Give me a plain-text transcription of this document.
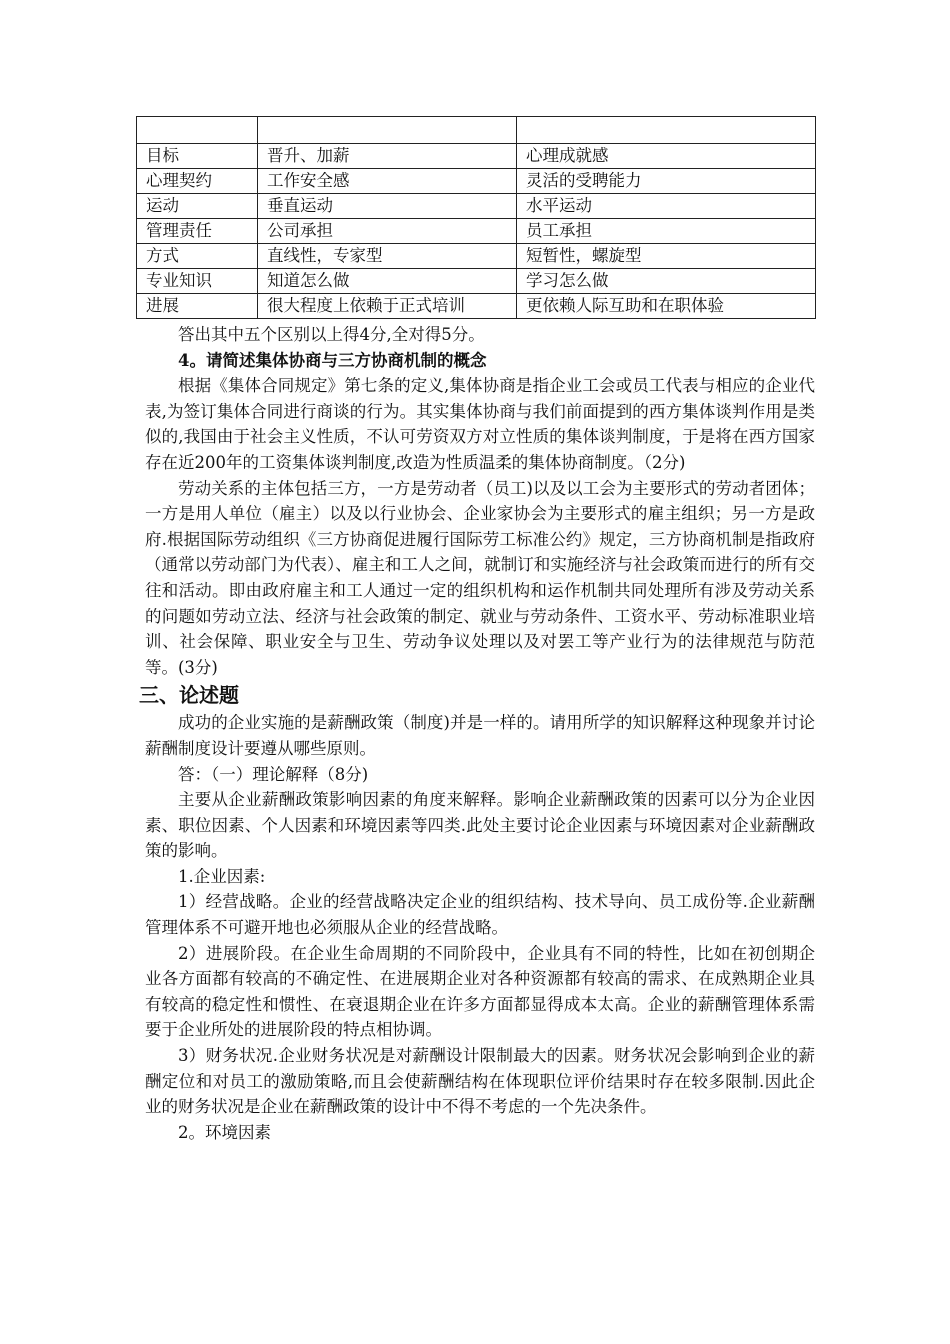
目标	晋升、加薪	心理成就感
心理契约	工作安全感	灵活的受聘能力
运动	垂直运动	水平运动
管理责任	公司承担	员工承担
方式	直线性，专家型	短暂性，螺旋型
专业知识	知道怎么做	学习怎么做
进展	很大程度上依赖于正式培训	更依赖人际互助和在职体验

答出其中五个区别以上得4分,全对得5分。

4。请简述集体协商与三方协商机制的概念

根据《集体合同规定》第七条的定义,集体协商是指企业工会或员工代表与相应的企业代表,为签订集体合同进行商谈的行为。其实集体协商与我们前面提到的西方集体谈判作用是类似的,我国由于社会主义性质，不认可劳资双方对立性质的集体谈判制度，于是将在西方国家存在近200年的工资集体谈判制度,改造为性质温柔的集体协商制度。（2分)

劳动关系的主体包括三方，一方是劳动者（员工)以及以工会为主要形式的劳动者团体；一方是用人单位（雇主）以及以行业协会、企业家协会为主要形式的雇主组织；另一方是政府.根据国际劳动组织《三方协商促进履行国际劳工标准公约》规定，三方协商机制是指政府（通常以劳动部门为代表）、雇主和工人之间，就制订和实施经济与社会政策而进行的所有交往和活动。即由政府雇主和工人通过一定的组织机构和运作机制共同处理所有涉及劳动关系的问题如劳动立法、经济与社会政策的制定、就业与劳动条件、工资水平、劳动标准职业培训、社会保障、职业安全与卫生、劳动争议处理以及对罢工等产业行为的法律规范与防范等。(3分)

三、论述题

成功的企业实施的是薪酬政策（制度)并是一样的。请用所学的知识解释这种现象并讨论薪酬制度设计要遵从哪些原则。

答：（一）理论解释（8分)

主要从企业薪酬政策影响因素的角度来解释。影响企业薪酬政策的因素可以分为企业因素、职位因素、个人因素和环境因素等四类.此处主要讨论企业因素与环境因素对企业薪酬政策的影响。

1.企业因素:

1）经营战略。企业的经营战略决定企业的组织结构、技术导向、员工成份等.企业薪酬管理体系不可避开地也必须服从企业的经营战略。

2）进展阶段。在企业生命周期的不同阶段中，企业具有不同的特性，比如在初创期企业各方面都有较高的不确定性、在进展期企业对各种资源都有较高的需求、在成熟期企业具有较高的稳定性和惯性、在衰退期企业在许多方面都显得成本太高。企业的薪酬管理体系需要于企业所处的进展阶段的特点相协调。

3）财务状况.企业财务状况是对薪酬设计限制最大的因素。财务状况会影响到企业的薪酬定位和对员工的激励策略,而且会使薪酬结构在体现职位评价结果时存在较多限制.因此企业的财务状况是企业在薪酬政策的设计中不得不考虑的一个先决条件。

2。环境因素
